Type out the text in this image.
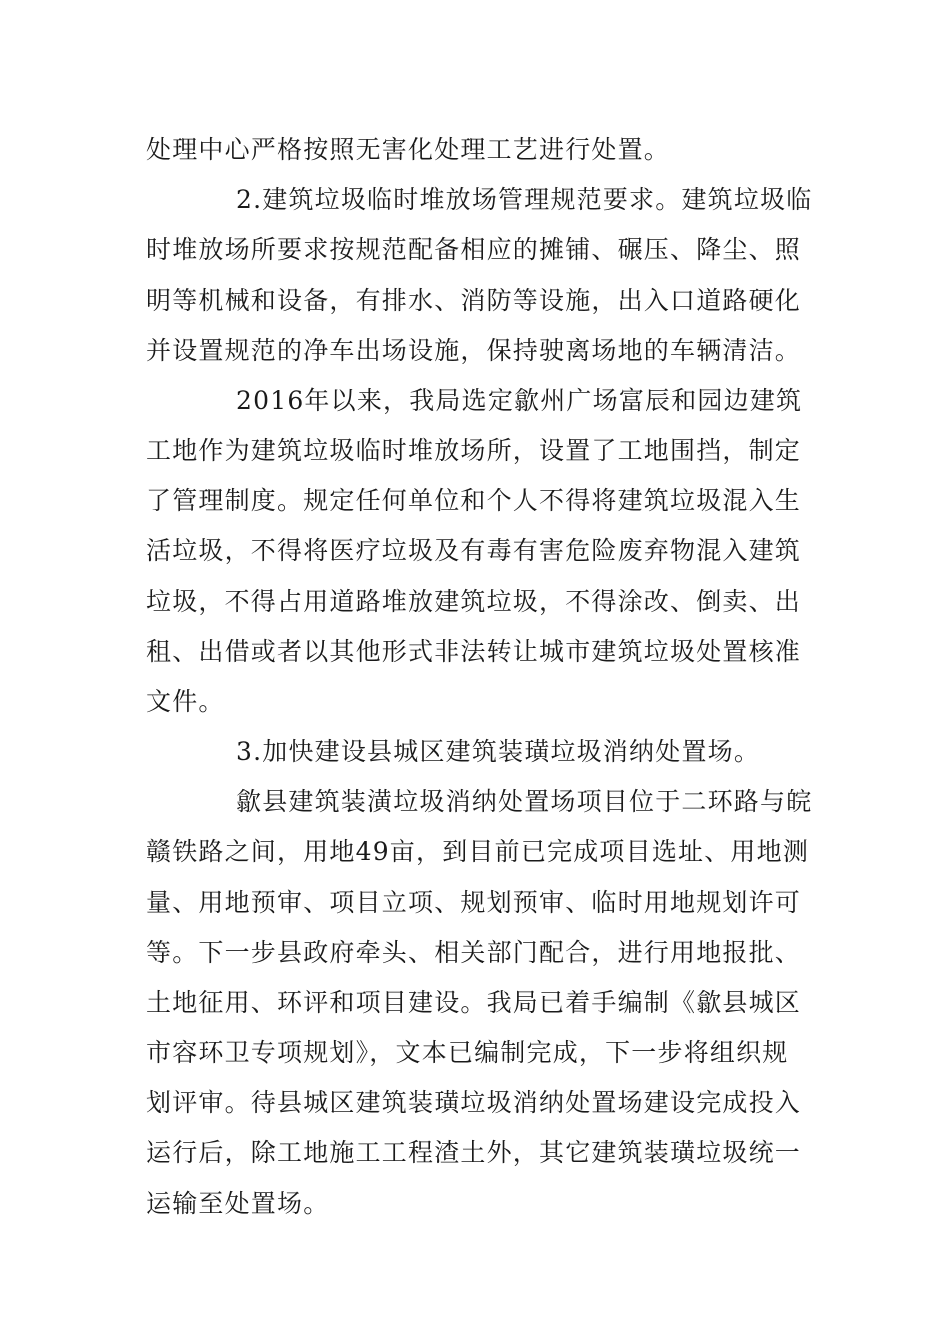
处理中心严格按照无害化处理工艺进行处置。
2.建筑垃圾临时堆放场管理规范要求。建筑垃圾临
时堆放场所要求按规范配备相应的摊铺、碾压、降尘、照
明等机械和设备，有排水、消防等设施，出入口道路硬化
并设置规范的净车出场设施，保持驶离场地的车辆清洁。
2016年以来，我局选定歙州广场富辰和园边建筑
工地作为建筑垃圾临时堆放场所，设置了工地围挡，制定
了管理制度。规定任何单位和个人不得将建筑垃圾混入生
活垃圾，不得将医疗垃圾及有毒有害危险废弃物混入建筑
垃圾，不得占用道路堆放建筑垃圾，不得涂改、倒卖、出
租、出借或者以其他形式非法转让城市建筑垃圾处置核准
文件。
3.加快建设县城区建筑装璜垃圾消纳处置场。
歙县建筑装潢垃圾消纳处置场项目位于二环路与皖
赣铁路之间，用地49亩，到目前已完成项目选址、用地测
量、用地预审、项目立项、规划预审、临时用地规划许可
等。下一步县政府牵头、相关部门配合，进行用地报批、
土地征用、环评和项目建设。我局已着手编制《歙县城区
市容环卫专项规划》，文本已编制完成，下一步将组织规
划评审。待县城区建筑装璜垃圾消纳处置场建设完成投入
运行后，除工地施工工程渣土外，其它建筑装璜垃圾统一
运输至处置场。
